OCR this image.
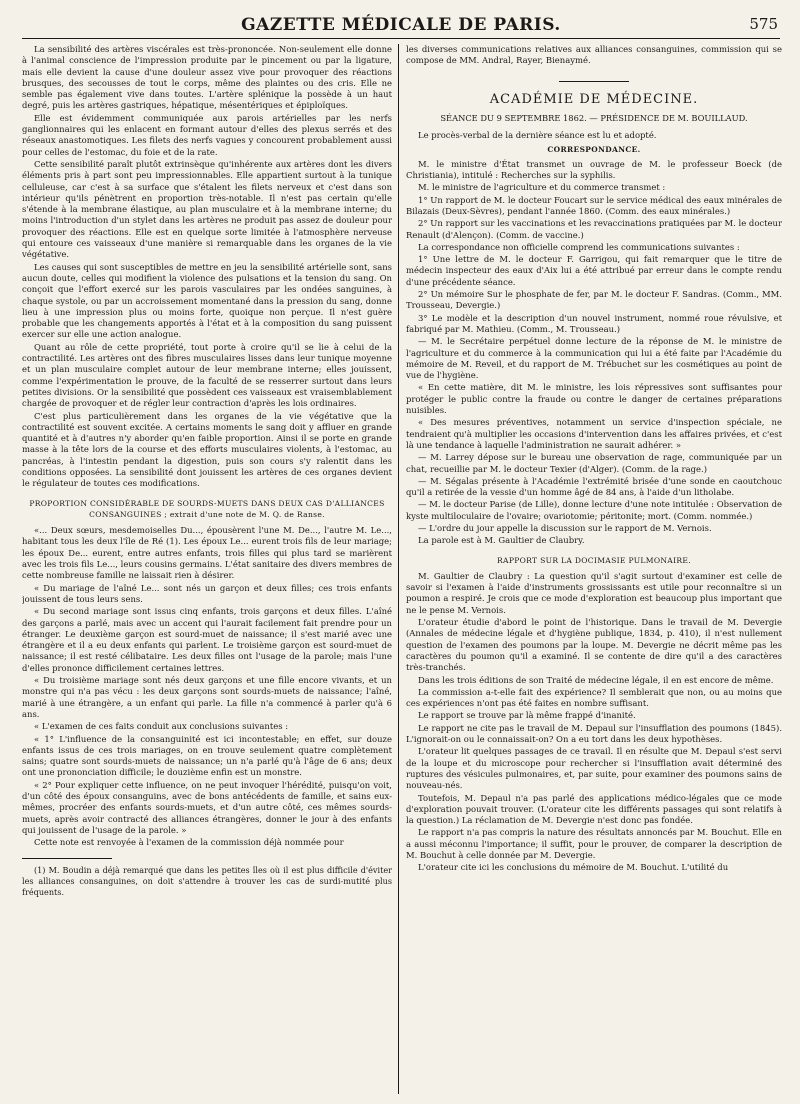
GAZETTE MÉDICALE DE PARIS.	575

La sensibilité des artères viscérales est très-prononcée. Non-seulement elle donne à l'animal conscience de l'impression produite par le pincement ou par la ligature, mais elle devient la cause d'une douleur assez vive pour provoquer des réactions brusques, des secousses de tout le corps, même des plaintes ou des cris. Elle ne semble pas également vive dans toutes. L'artère splénique la possède à un haut degré, puis les artères gastriques, hépatique, mésentériques et épiploïques.

Elle est évidemment communiquée aux parois artérielles par les nerfs ganglionnaires qui les enlacent en formant autour d'elles des plexus serrés et des réseaux anastomotiques. Les filets des nerfs vagues y concourent probablement aussi pour celles de l'estomac, du foie et de la rate.

Cette sensibilité paraît plutôt extrinsèque qu'inhérente aux artères dont les divers éléments pris à part sont peu impressionnables. Elle appartient surtout à la tunique celluleuse, car c'est à sa surface que s'étalent les filets nerveux et c'est dans son intérieur qu'ils pénètrent en proportion très-notable. Il n'est pas certain qu'elle s'étende à la membrane élastique, au plan musculaire et à la membrane interne; du moins l'introduction d'un stylet dans les artères ne produit pas assez de douleur pour provoquer des réactions. Elle est en quelque sorte limitée à l'atmosphère nerveuse qui entoure ces vaisseaux d'une manière si remarquable dans les organes de la vie végétative.

Les causes qui sont susceptibles de mettre en jeu la sensibilité artérielle sont, sans aucun doute, celles qui modifient la violence des pulsations et la tension du sang. On conçoit que l'effort exercé sur les parois vasculaires par les ondées sanguines, à chaque systole, ou par un accroissement momentané dans la pression du sang, donne lieu à une impression plus ou moins forte, quoique non perçue. Il n'est guère probable que les changements apportés à l'état et à la composition du sang puissent exercer sur elle une action analogue.

Quant au rôle de cette propriété, tout porte à croire qu'il se lie à celui de la contractilité. Les artères ont des fibres musculaires lisses dans leur tunique moyenne et un plan musculaire complet autour de leur membrane interne; elles jouissent, comme l'expérimentation le prouve, de la faculté de se resserrer surtout dans leurs petites divisions. Or la sensibilité que possèdent ces vaisseaux est vraisemblablement chargée de provoquer et de régler leur contraction d'après les lois ordinaires.

C'est plus particulièrement dans les organes de la vie végétative que la contractilité est souvent excitée. A certains moments le sang doit y affluer en grande quantité et à d'autres n'y aborder qu'en faible proportion. Ainsi il se porte en grande masse à la tête lors de la course et des efforts musculaires violents, à l'estomac, au pancréas, à l'intestin pendant la digestion, puis son cours s'y ralentit dans les conditions opposées. La sensibilité dont jouissent les artères de ces organes devient le régulateur de toutes ces modifications.

PROPORTION CONSIDÉRABLE DE SOURDS-MUETS DANS DEUX CAS D'ALLIANCES CONSANGUINES ; extrait d'une note de M. Q. de Ranse.

«... Deux sœurs, mesdemoiselles Du..., épousèrent l'une M. De..., l'autre M. Le..., habitant tous les deux l'île de Ré (1). Les époux Le... eurent trois fils de leur mariage; les époux De... eurent, entre autres enfants, trois filles qui plus tard se marièrent avec les trois fils Le..., leurs cousins germains. L'état sanitaire des divers membres de cette nombreuse famille ne laissait rien à désirer.

« Du mariage de l'aîné Le... sont nés un garçon et deux filles; ces trois enfants jouissent de tous leurs sens.

« Du second mariage sont issus cinq enfants, trois garçons et deux filles. L'aîné des garçons a parlé, mais avec un accent qui l'aurait facilement fait prendre pour un étranger. Le deuxième garçon est sourd-muet de naissance; il s'est marié avec une étrangère et il a eu deux enfants qui parlent. Le troisième garçon est sourd-muet de naissance; il est resté célibataire. Les deux filles ont l'usage de la parole; mais l'une d'elles prononce difficilement certaines lettres.

« Du troisième mariage sont nés deux garçons et une fille encore vivants, et un monstre qui n'a pas vécu : les deux garçons sont sourds-muets de naissance; l'aîné, marié à une étrangère, a un enfant qui parle. La fille n'a commencé à parler qu'à 6 ans.

« L'examen de ces faits conduit aux conclusions suivantes :

« 1° L'influence de la consanguinité est ici incontestable; en effet, sur douze enfants issus de ces trois mariages, on en trouve seulement quatre complètement sains; quatre sont sourds-muets de naissance; un n'a parlé qu'à l'âge de 6 ans; deux ont une prononciation difficile; le douzième enfin est un monstre.

« 2° Pour expliquer cette influence, on ne peut invoquer l'hérédité, puisqu'on voit, d'un côté des époux consanguins, avec de bons antécédents de famille, et sains eux-mêmes, procréer des enfants sourds-muets, et d'un autre côté, ces mêmes sourds-muets, après avoir contracté des alliances étrangères, donner le jour à des enfants qui jouissent de l'usage de la parole. »

Cette note est renvoyée à l'examen de la commission déjà nommée pour

(1) M. Boudin a déjà remarqué que dans les petites îles où il est plus difficile d'éviter les alliances consanguines, on doit s'attendre à trouver les cas de surdi-mutité plus fréquents.

les diverses communications relatives aux alliances consanguines, commission qui se compose de MM. Andral, Rayer, Bienaymé.

ACADÉMIE DE MÉDECINE.
SÉANCE DU 9 SEPTEMBRE 1862. — PRÉSIDENCE DE M. BOUILLAUD.

Le procès-verbal de la dernière séance est lu et adopté.

CORRESPONDANCE.

M. le ministre d'État transmet un ouvrage de M. le professeur Boeck (de Christiania), intitulé : Recherches sur la syphilis.

M. le ministre de l'agriculture et du commerce transmet :

1° Un rapport de M. le docteur Foucart sur le service médical des eaux minérales de Bilazais (Deux-Sèvres), pendant l'année 1860. (Comm. des eaux minérales.)

2° Un rapport sur les vaccinations et les revaccinations pratiquées par M. le docteur Renault (d'Alençon). (Comm. de vaccine.)

La correspondance non officielle comprend les communications suivantes :

1° Une lettre de M. le docteur F. Garrigou, qui fait remarquer que le titre de médecin inspecteur des eaux d'Aix lui a été attribué par erreur dans le compte rendu d'une précédente séance.

2° Un mémoire Sur le phosphate de fer, par M. le docteur F. Sandras. (Comm., MM. Trousseau, Devergie.)

3° Le modèle et la description d'un nouvel instrument, nommé roue révulsive, et fabriqué par M. Mathieu. (Comm., M. Trousseau.)

— M. le Secrétaire perpétuel donne lecture de la réponse de M. le ministre de l'agriculture et du commerce à la communication qui lui a été faite par l'Académie du mémoire de M. Reveil, et du rapport de M. Trébuchet sur les cosmétiques au point de vue de l'hygiène.

« En cette matière, dit M. le ministre, les lois répressives sont suffisantes pour protéger le public contre la fraude ou contre le danger de certaines préparations nuisibles.

« Des mesures préventives, notamment un service d'inspection spéciale, ne tendraient qu'à multiplier les occasions d'intervention dans les affaires privées, et c'est là une tendance à laquelle l'administration ne saurait adhérer. »

— M. Larrey dépose sur le bureau une observation de rage, communiquée par un chat, recueillie par M. le docteur Texier (d'Alger). (Comm. de la rage.)

— M. Ségalas présente à l'Académie l'extrémité brisée d'une sonde en caoutchouc qu'il a retirée de la vessie d'un homme âgé de 84 ans, à l'aide d'un litholabe.

— M. le docteur Parise (de Lille), donne lecture d'une note intitulée : Observation de kyste multiloculaire de l'ovaire; ovariotomie; péritonite; mort. (Comm. nommée.)

— L'ordre du jour appelle la discussion sur le rapport de M. Vernois.

La parole est à M. Gaultier de Claubry.

RAPPORT SUR LA DOCIMASIE PULMONAIRE.

M. Gaultier de Claubry : La question qu'il s'agit surtout d'examiner est celle de savoir si l'examen à l'aide d'instruments grossissants est utile pour reconnaître si un poumon a respiré. Je crois que ce mode d'exploration est beaucoup plus important que ne le pense M. Vernois.

L'orateur étudie d'abord le point de l'historique. Dans le travail de M. Devergie (Annales de médecine légale et d'hygiène publique, 1834, p. 410), il n'est nullement question de l'examen des poumons par la loupe. M. Devergie ne décrit même pas les caractères du poumon qu'il a examiné. Il se contente de dire qu'il a des caractères très-tranchés.

Dans les trois éditions de son Traité de médecine légale, il en est encore de même.

La commission a-t-elle fait des expérience? Il semblerait que non, ou au moins que ces expériences n'ont pas été faites en nombre suffisant.

Le rapport se trouve par là même frappé d'inanité.

Le rapport ne cite pas le travail de M. Depaul sur l'insufflation des poumons (1845). L'ignorait-on ou le connaissait-on? On a eu tort dans les deux hypothèses.

L'orateur lit quelques passages de ce travail. Il en résulte que M. Depaul s'est servi de la loupe et du microscope pour rechercher si l'insufflation avait déterminé des ruptures des vésicules pulmonaires, et, par suite, pour examiner des poumons sains de nouveau-nés.

Toutefois, M. Depaul n'a pas parlé des applications médico-légales que ce mode d'exploration pouvait trouver. (L'orateur cite les différents passages qui sont relatifs à la question.) La réclamation de M. Devergie n'est donc pas fondée.

Le rapport n'a pas compris la nature des résultats annoncés par M. Bouchut. Elle en a aussi méconnu l'importance; il suffit, pour le prouver, de comparer la description de M. Bouchut à celle donnée par M. Devergie.

L'orateur cite ici les conclusions du mémoire de M. Bouchut. L'utilité du
